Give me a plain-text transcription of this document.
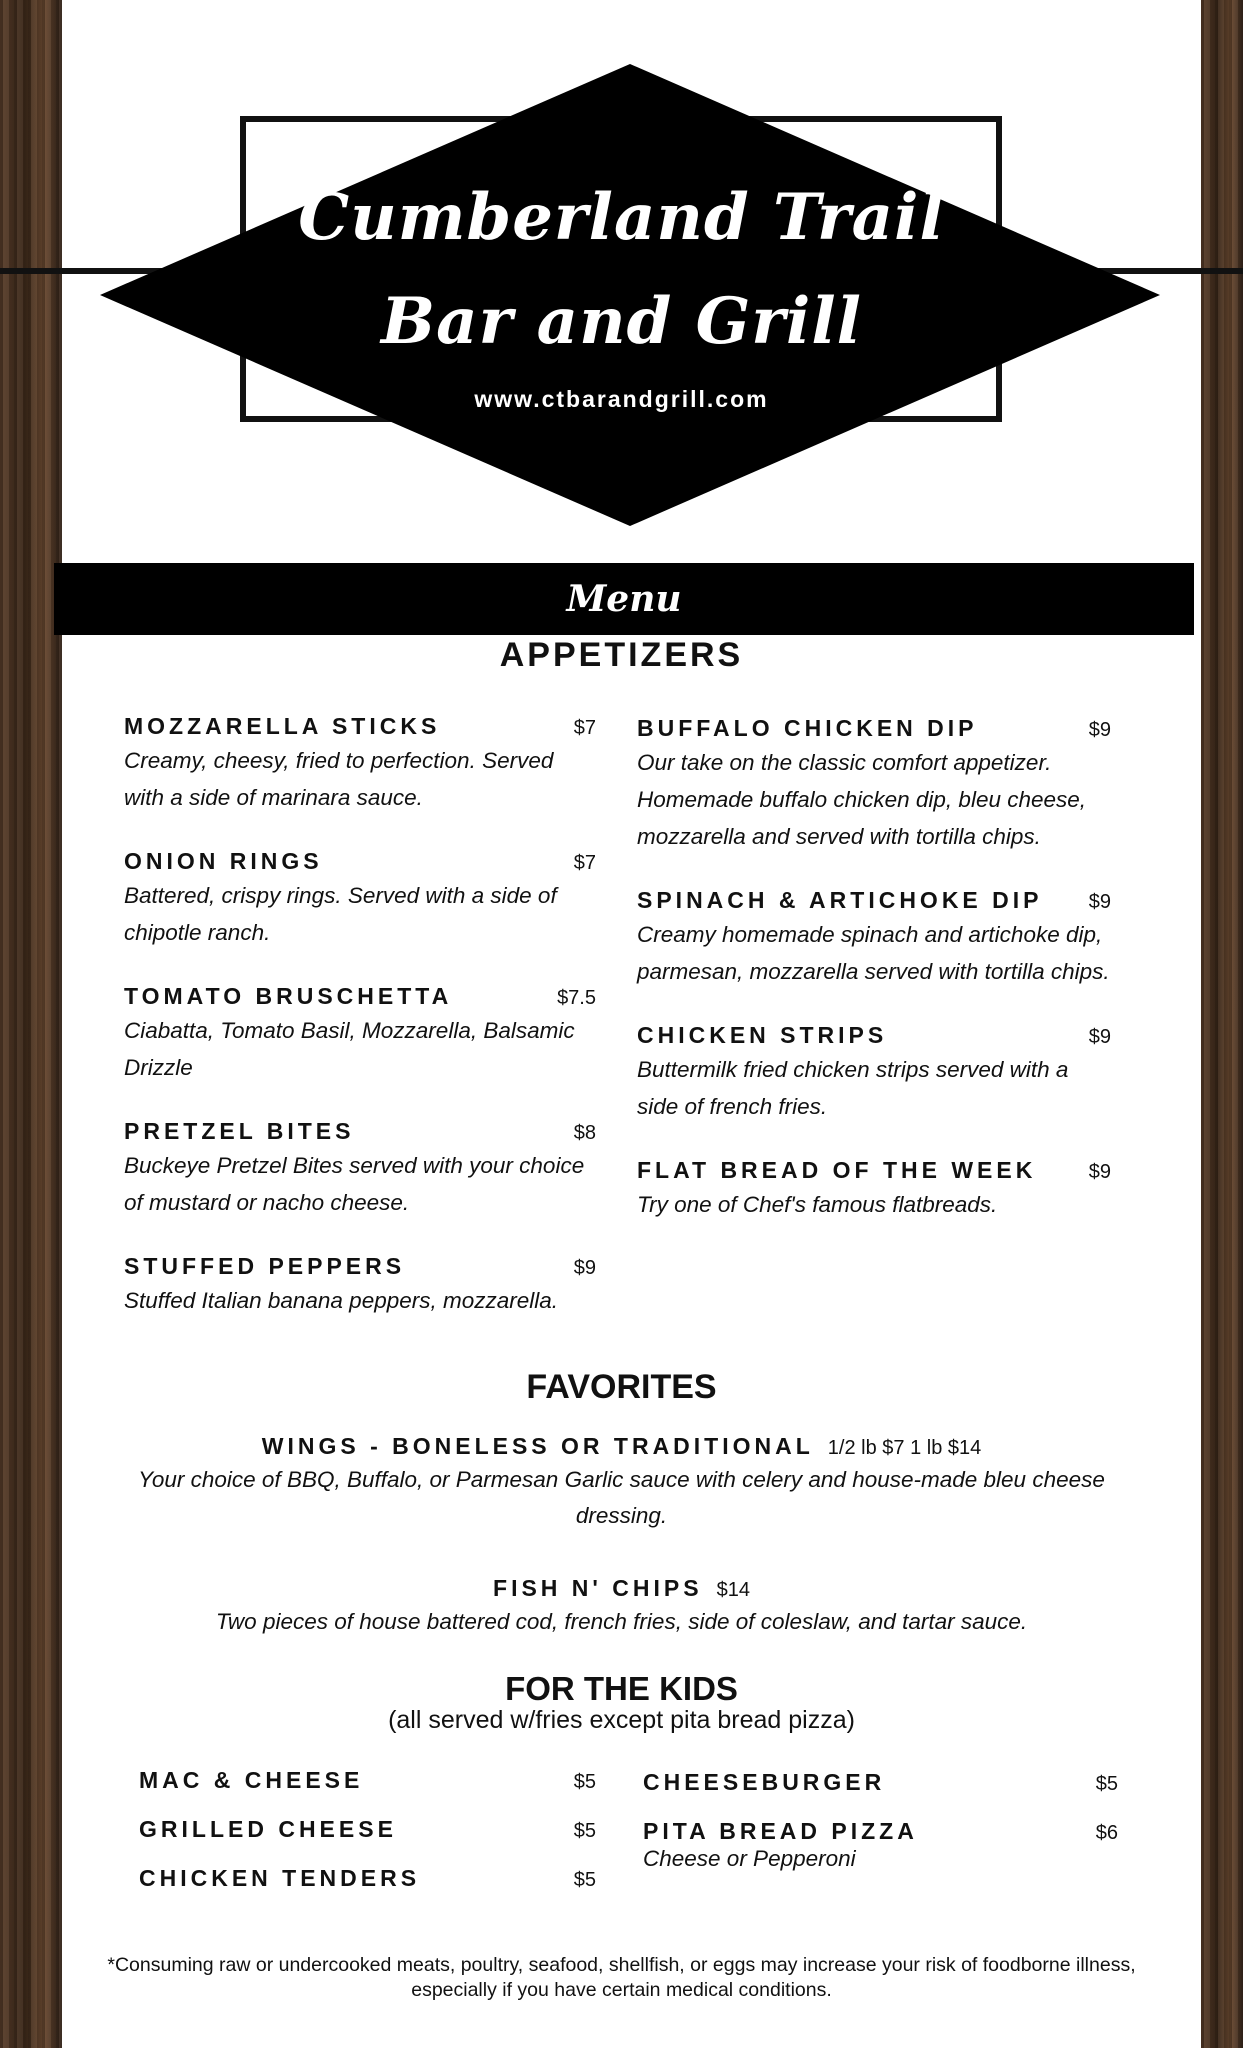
Cumberland Trail
Bar and Grill
www.ctbarandgrill.com
Menu
APPETIZERS
MOZZARELLA STICKS	$7
Creamy, cheesy, fried to perfection. Served with a side of marinara sauce.
ONION RINGS	$7
Battered, crispy rings. Served with a side of chipotle ranch.
TOMATO BRUSCHETTA	$7.5
Ciabatta, Tomato Basil, Mozzarella, Balsamic Drizzle
PRETZEL BITES	$8
Buckeye Pretzel Bites served with your choice of mustard or nacho cheese.
STUFFED PEPPERS	$9
Stuffed Italian banana peppers, mozzarella.
BUFFALO CHICKEN DIP	$9
Our take on the classic comfort appetizer. Homemade buffalo chicken dip, bleu cheese, mozzarella and served with tortilla chips.
SPINACH & ARTICHOKE DIP $9
Creamy homemade spinach and artichoke dip, parmesan, mozzarella served with tortilla chips.
CHICKEN STRIPS	$9
Buttermilk fried chicken strips served with a side of french fries.
FLAT BREAD OF THE WEEK	$9
Try one of Chef's famous flatbreads.
FAVORITES
WINGS - BONELESS OR TRADITIONAL 1/2 lb $7 1 lb $14
Your choice of BBQ, Buffalo, or Parmesan Garlic sauce with celery and house-made bleu cheese dressing.
FISH N' CHIPS $14
Two pieces of house battered cod, french fries, side of coleslaw, and tartar sauce.
FOR THE KIDS
(all served w/fries except pita bread pizza)
MAC & CHEESE	$5
GRILLED CHEESE	$5
CHICKEN TENDERS	$5
CHEESEBURGER	$5
PITA BREAD PIZZA	$6
Cheese or Pepperoni
*Consuming raw or undercooked meats, poultry, seafood, shellfish, or eggs may increase your risk of foodborne illness, especially if you have certain medical conditions.
